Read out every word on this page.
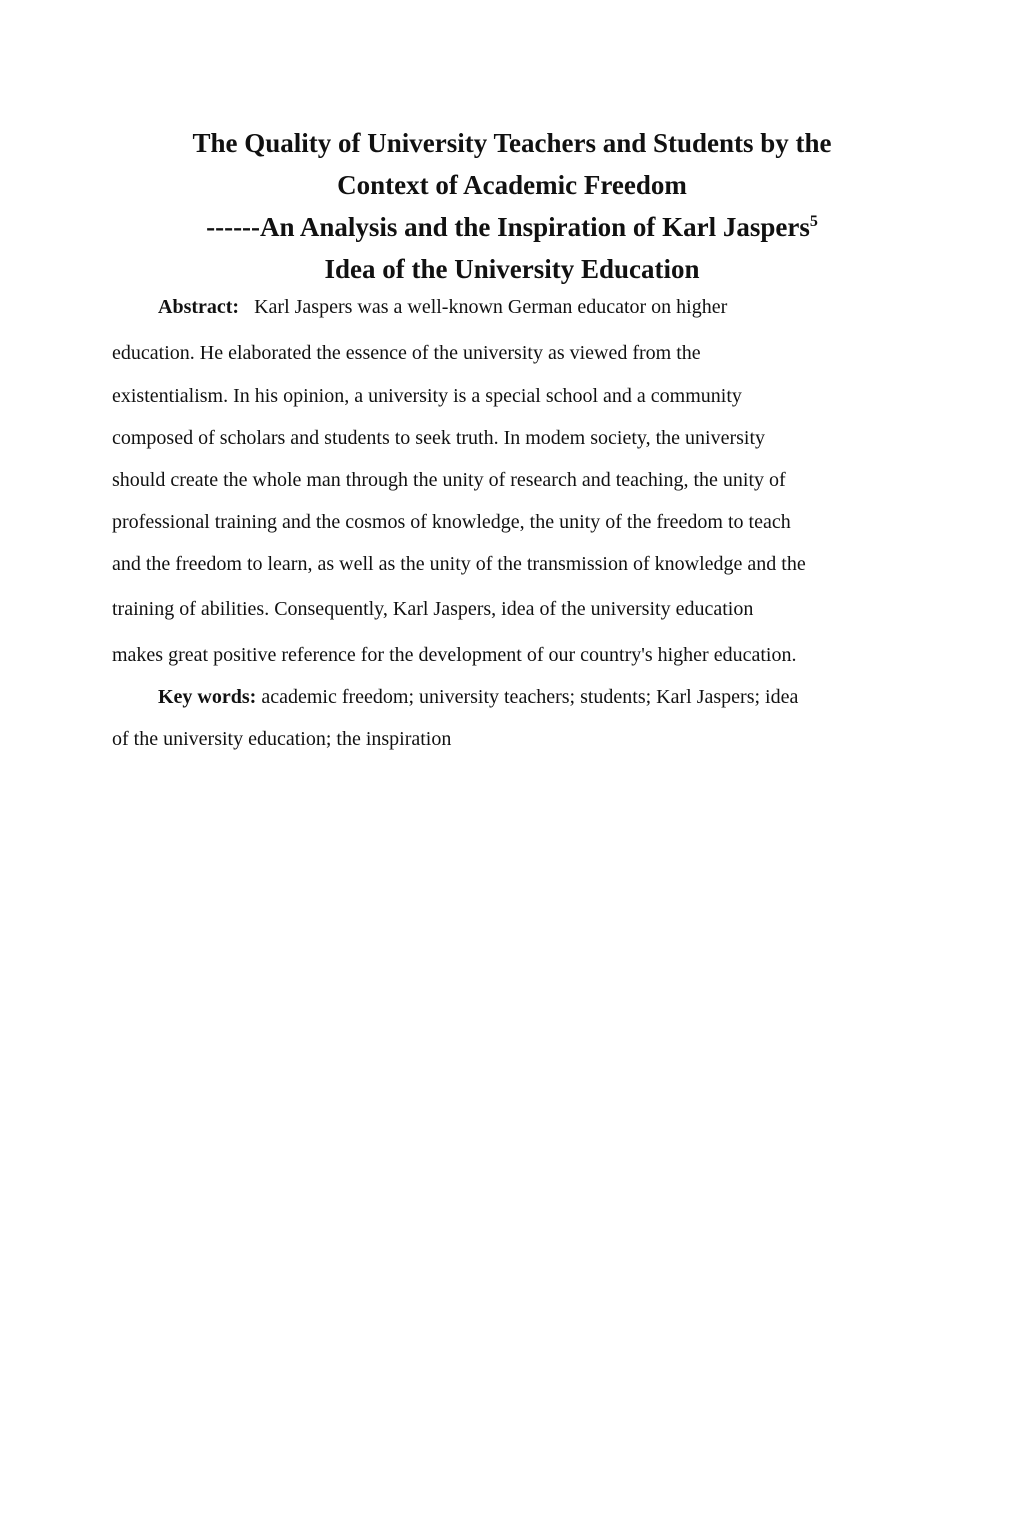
The Quality of University Teachers and Students by the
Context of Academic Freedom
------An Analysis and the Inspiration of Karl Jaspers$^5$
Idea of the University Education
Abstract: Karl Jaspers was a well-known German educator on higher
education. He elaborated the essence of the university as viewed from the
existentialism. In his opinion, a university is a special school and a community
composed of scholars and students to seek truth. In modem society, the university
should create the whole man through the unity of research and teaching, the unity of
professional training and the cosmos of knowledge, the unity of the freedom to teach
and the freedom to learn, as well as the unity of the transmission of knowledge and the
training of abilities. Consequently, Karl Jaspers, idea of the university education
makes great positive reference for the development of our country's higher education.
Key words: academic freedom; university teachers; students; Karl Jaspers; idea
of the university education; the inspiration
